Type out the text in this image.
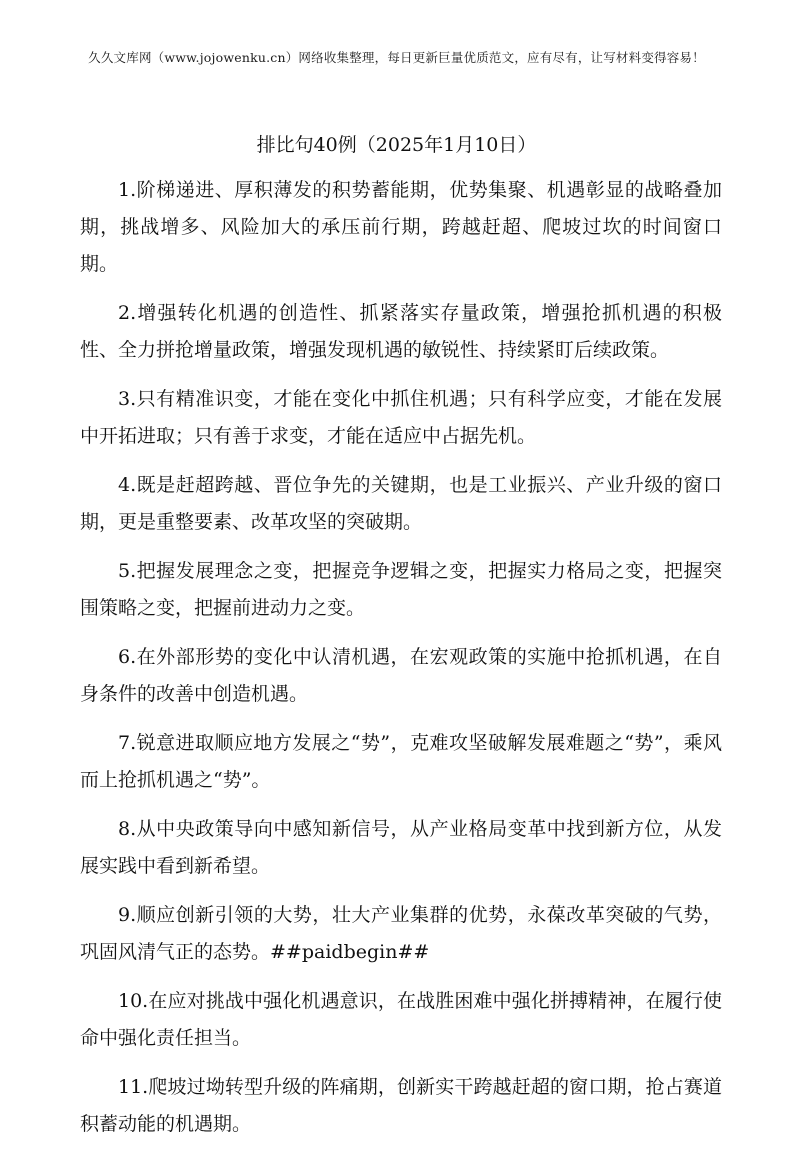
久久文库网（www.jojowenku.cn）网络收集整理，每日更新巨量优质范文，应有尽有，让写材料变得容易！
排比句40例（2025年1月10日）

1.阶梯递进、厚积薄发的积势蓄能期，优势集聚、机遇彰显的战略叠加期，挑战增多、风险加大的承压前行期，跨越赶超、爬坡过坎的时间窗口期。

2.增强转化机遇的创造性、抓紧落实存量政策，增强抢抓机遇的积极性、全力拼抢增量政策，增强发现机遇的敏锐性、持续紧盯后续政策。

3.只有精准识变，才能在变化中抓住机遇；只有科学应变，才能在发展中开拓进取；只有善于求变，才能在适应中占据先机。

4.既是赶超跨越、晋位争先的关键期，也是工业振兴、产业升级的窗口期，更是重整要素、改革攻坚的突破期。

5.把握发展理念之变，把握竞争逻辑之变，把握实力格局之变，把握突围策略之变，把握前进动力之变。

6.在外部形势的变化中认清机遇，在宏观政策的实施中抢抓机遇，在自身条件的改善中创造机遇。

7.锐意进取顺应地方发展之“势”，克难攻坚破解发展难题之“势”，乘风而上抢抓机遇之“势”。

8.从中央政策导向中感知新信号，从产业格局变革中找到新方位，从发展实践中看到新希望。

9.顺应创新引领的大势，壮大产业集群的优势，永葆改革突破的气势，巩固风清气正的态势。##paidbegin##

10.在应对挑战中强化机遇意识，在战胜困难中强化拼搏精神，在履行使命中强化责任担当。

11.爬坡过坳转型升级的阵痛期，创新实干跨越赶超的窗口期，抢占赛道积蓄动能的机遇期。
